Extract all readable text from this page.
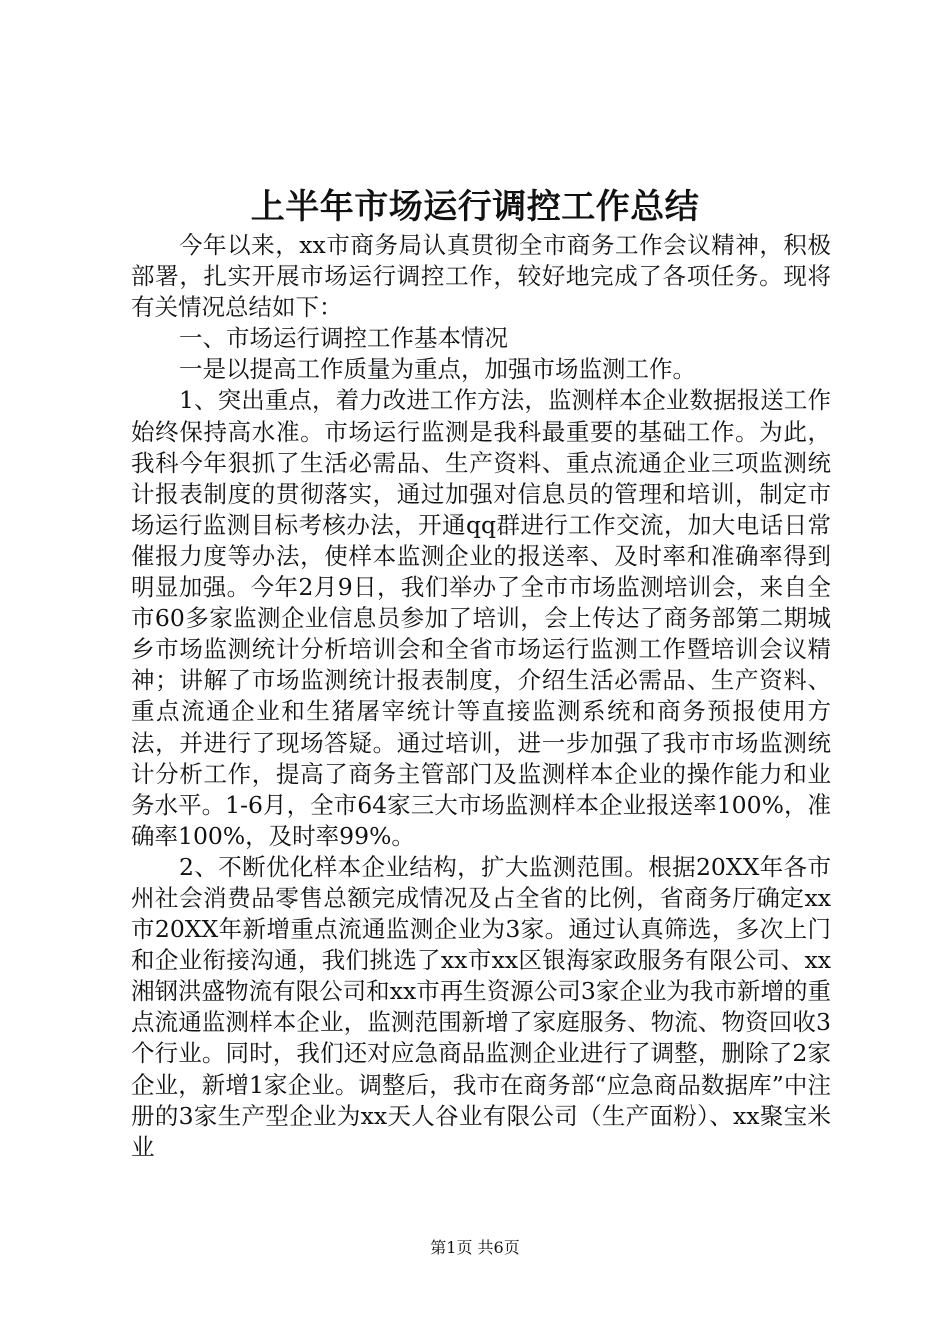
上半年市场运行调控工作总结

今年以来，xx市商务局认真贯彻全市商务工作会议精神，积极部署，扎实开展市场运行调控工作，较好地完成了各项任务。现将有关情况总结如下：

一、市场运行调控工作基本情况

一是以提高工作质量为重点，加强市场监测工作。

1、突出重点，着力改进工作方法，监测样本企业数据报送工作始终保持高水准。市场运行监测是我科最重要的基础工作。为此，我科今年狠抓了生活必需品、生产资料、重点流通企业三项监测统计报表制度的贯彻落实，通过加强对信息员的管理和培训，制定市场运行监测目标考核办法，开通qq群进行工作交流，加大电话日常催报力度等办法，使样本监测企业的报送率、及时率和准确率得到明显加强。今年2月9日，我们举办了全市市场监测培训会，来自全市60多家监测企业信息员参加了培训，会上传达了商务部第二期城乡市场监测统计分析培训会和全省市场运行监测工作暨培训会议精神；讲解了市场监测统计报表制度，介绍生活必需品、生产资料、重点流通企业和生猪屠宰统计等直接监测系统和商务预报使用方法，并进行了现场答疑。通过培训，进一步加强了我市市场监测统计分析工作，提高了商务主管部门及监测样本企业的操作能力和业务水平。1-6月，全市64家三大市场监测样本企业报送率100%，准确率100%，及时率99%。

2、不断优化样本企业结构，扩大监测范围。根据20XX年各市州社会消费品零售总额完成情况及占全省的比例，省商务厅确定xx市20XX年新增重点流通监测企业为3家。通过认真筛选，多次上门和企业衔接沟通，我们挑选了xx市xx区银海家政服务有限公司、xx湘钢洪盛物流有限公司和xx市再生资源公司3家企业为我市新增的重点流通监测样本企业，监测范围新增了家庭服务、物流、物资回收3个行业。同时，我们还对应急商品监测企业进行了调整，删除了2家企业，新增1家企业。调整后，我市在商务部“应急商品数据库”中注册的3家生产型企业为xx天人谷业有限公司（生产面粉）、xx聚宝米业

第1页 共6页
